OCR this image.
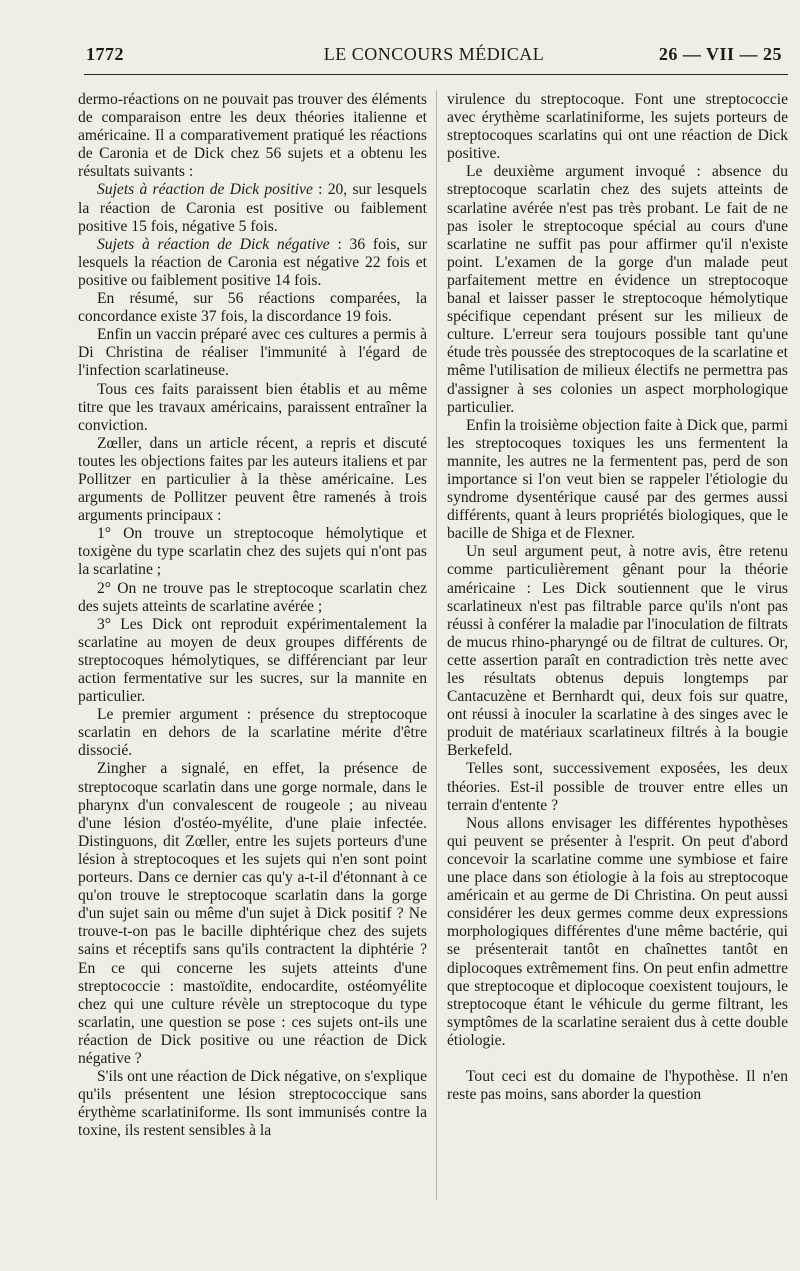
1772	LE CONCOURS MÉDICAL	26 — VII — 25

dermo-réactions on ne pouvait pas trouver des éléments de comparaison entre les deux théories italienne et américaine. Il a comparativement pratiqué les réactions de Caronia et de Dick chez 56 sujets et a obtenu les résultats suivants :

Sujets à réaction de Dick positive : 20, sur lesquels la réaction de Caronia est positive ou faiblement positive 15 fois, négative 5 fois.

Sujets à réaction de Dick négative : 36 fois, sur lesquels la réaction de Caronia est négative 22 fois et positive ou faiblement positive 14 fois.

En résumé, sur 56 réactions comparées, la concordance existe 37 fois, la discordance 19 fois.

Enfin un vaccin préparé avec ces cultures a permis à Di Christina de réaliser l'immunité à l'égard de l'infection scarlatineuse.

Tous ces faits paraissent bien établis et au même titre que les travaux américains, paraissent entraîner la conviction.

Zœller, dans un article récent, a repris et discuté toutes les objections faites par les auteurs italiens et par Pollitzer en particulier à la thèse américaine. Les arguments de Pollitzer peuvent être ramenés à trois arguments principaux :

1° On trouve un streptocoque hémolytique et toxigène du type scarlatin chez des sujets qui n'ont pas la scarlatine ;

2° On ne trouve pas le streptocoque scarlatin chez des sujets atteints de scarlatine avérée ;

3° Les Dick ont reproduit expérimentalement la scarlatine au moyen de deux groupes différents de streptocoques hémolytiques, se différenciant par leur action fermentative sur les sucres, sur la mannite en particulier.

Le premier argument : présence du streptocoque scarlatin en dehors de la scarlatine mérite d'être dissocié.

Zingher a signalé, en effet, la présence de streptocoque scarlatin dans une gorge normale, dans le pharynx d'un convalescent de rougeole ; au niveau d'une lésion d'ostéo-myélite, d'une plaie infectée. Distinguons, dit Zœller, entre les sujets porteurs d'une lésion à streptocoques et les sujets qui n'en sont point porteurs. Dans ce dernier cas qu'y a-t-il d'étonnant à ce qu'on trouve le streptocoque scarlatin dans la gorge d'un sujet sain ou même d'un sujet à Dick positif ? Ne trouve-t-on pas le bacille diphtérique chez des sujets sains et réceptifs sans qu'ils contractent la diphtérie ? En ce qui concerne les sujets atteints d'une streptococcie : mastoïdite, endocardite, ostéomyélite chez qui une culture révèle un streptocoque du type scarlatin, une question se pose : ces sujets ont-ils une réaction de Dick positive ou une réaction de Dick négative ?

S'ils ont une réaction de Dick négative, on s'explique qu'ils présentent une lésion streptococcique sans érythème scarlatiniforme. Ils sont immunisés contre la toxine, ils restent sensibles à la

virulence du streptocoque. Font une streptococcie avec érythème scarlatiniforme, les sujets porteurs de streptocoques scarlatins qui ont une réaction de Dick positive.

Le deuxième argument invoqué : absence du streptocoque scarlatin chez des sujets atteints de scarlatine avérée n'est pas très probant. Le fait de ne pas isoler le streptocoque spécial au cours d'une scarlatine ne suffit pas pour affirmer qu'il n'existe point. L'examen de la gorge d'un malade peut parfaitement mettre en évidence un streptocoque banal et laisser passer le streptocoque hémolytique spécifique cependant présent sur les milieux de culture. L'erreur sera toujours possible tant qu'une étude très poussée des streptocoques de la scarlatine et même l'utilisation de milieux électifs ne permettra pas d'assigner à ses colonies un aspect morphologique particulier.

Enfin la troisième objection faite à Dick que, parmi les streptocoques toxiques les uns fermentent la mannite, les autres ne la fermentent pas, perd de son importance si l'on veut bien se rappeler l'étiologie du syndrome dysentérique causé par des germes aussi différents, quant à leurs propriétés biologiques, que le bacille de Shiga et de Flexner.

Un seul argument peut, à notre avis, être retenu comme particulièrement gênant pour la théorie américaine : Les Dick soutiennent que le virus scarlatineux n'est pas filtrable parce qu'ils n'ont pas réussi à conférer la maladie par l'inoculation de filtrats de mucus rhino-pharyngé ou de filtrat de cultures. Or, cette assertion paraît en contradiction très nette avec les résultats obtenus depuis longtemps par Cantacuzène et Bernhardt qui, deux fois sur quatre, ont réussi à inoculer la scarlatine à des singes avec le produit de matériaux scarlatineux filtrés à la bougie Berkefeld.

Telles sont, successivement exposées, les deux théories. Est-il possible de trouver entre elles un terrain d'entente ?

Nous allons envisager les différentes hypothèses qui peuvent se présenter à l'esprit. On peut d'abord concevoir la scarlatine comme une symbiose et faire une place dans son étiologie à la fois au streptocoque américain et au germe de Di Christina. On peut aussi considérer les deux germes comme deux expressions morphologiques différentes d'une même bactérie, qui se présenterait tantôt en chaînettes tantôt en diplocoques extrêmement fins. On peut enfin admettre que streptocoque et diplocoque coexistent toujours, le streptocoque étant le véhicule du germe filtrant, les symptômes de la scarlatine seraient dus à cette double étiologie.

Tout ceci est du domaine de l'hypothèse. Il n'en reste pas moins, sans aborder la question
